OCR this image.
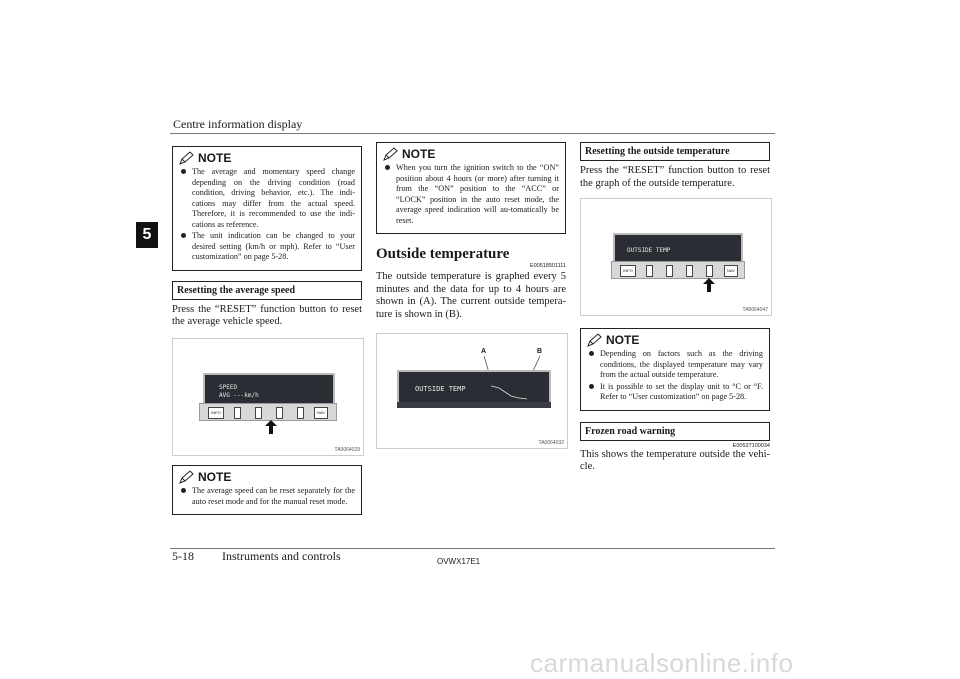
Centre information display
5
NOTE
The average and momentary speed change depending on the driving condition (road condition, driving behavior, etc.). The indi-cations may differ from the actual speed. Therefore, it is recommended to use the indi-cations as reference.
The unit indication can be changed to your desired setting (km/h or mph). Refer to “User customization” on page 5-28.
Resetting the average speed
Press the “RESET” function button to reset the average vehicle speed.
SPEED
AVG ---km/h
INFO	NAV
TA0064029
NOTE
The average speed can be reset separately for the auto reset mode and for the manual reset mode.
NOTE
When you turn the ignition switch to the “ON” position about 4 hours (or more) after turning it from the “ON” position to the “ACC” or “LOCK” position in the auto reset mode, the average speed indication will au-tomatically be reset.
Outside temperature
E00518501111
The outside temperature is graphed every 5 minutes and the data for up to 4 hours are shown in (A). The current outside tempera-ture is shown in (B).
A	B
OUTSIDE TEMP
TA0064032
Resetting the outside temperature
Press the “RESET” function button to reset the graph of the outside temperature.
OUTSIDE TEMP
INFO	NAV
TA0064047
NOTE
Depending on factors such as the driving conditions, the displayed temperature may vary from the actual outside temperature.
It is possible to set the display unit to °C or °F. Refer to “User customization” on page 5-28.
Frozen road warning
E00537100034
This shows the temperature outside the vehi-cle.
5-18 Instruments and controls	OVWX17E1
carmanualsonline.info
